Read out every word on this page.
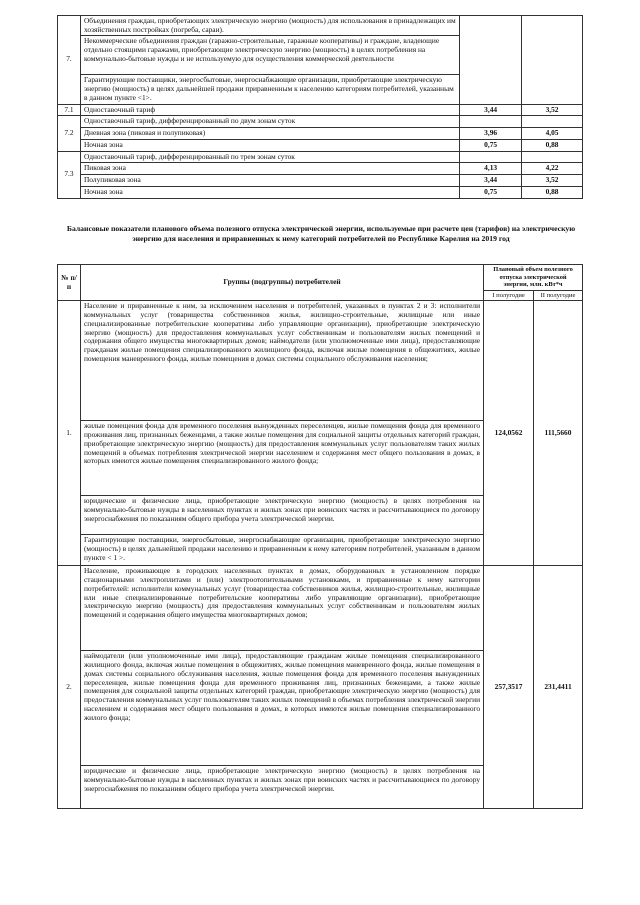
7.	Объединения граждан, приобретающих электрическую энергию (мощность) для использования в принадлежащих им хозяйственных постройках (погреба, сараи).		
	Некоммерческие объединения граждан (гаражно-строительные, гаражные кооперативы) и граждане, владеющие отдельно стоящими гаражами, приобретающие электрическую энергию (мощность) в целях потребления на коммунально-бытовые нужды и не используемую для осуществления коммерческой деятельности		
	Гарантирующие поставщики, энергосбытовые, энергоснабжающие организации, приобретающие электрическую энергию (мощность) в целях дальнейшей продажи приравненным к населению категориям потребителей, указанным в данном пункте <1>.		
7.1	Одноставочный тариф	3,44	3,52
7.2	Одноставочный тариф, дифференцированный по двум зонам суток		
	Дневная зона (пиковая и полупиковая)	3,96	4,05
	Ночная зона	0,75	0,88
7.3	Одноставочный тариф, дифференцированный по трем зонам суток		
	Пиковая зона	4,13	4,22
	Полупиковая зона	3,44	3,52
	Ночная зона	0,75	0,88
Балансовые показатели планового объема полезного отпуска электрической энергии, используемые при расчете цен (тарифов) на электрическую энергию для населения и приравненных к нему категорий потребителей по Республике Карелия на 2019 год
№ п/п	Группы (подгруппы) потребителей	Плановый объем полезного отпуска электрической энергии, млн. кВт*ч	
		I полугодие	II полугодие
1.	Население и приравненные к ним, за исключением населения и потребителей, указанных в пунктах 2 и 3: исполнители коммунальных услуг (товарищества собственников жилья, жилищно-строительные, жилищные или иные специализированные потребительские кооперативы либо управляющие организации), приобретающие электрическую энергию (мощность) для предоставления коммунальных услуг собственникам и пользователям жилых помещений и содержания общего имущества многоквартирных домов; наймодатели (или уполномоченные ими лица), предоставляющие гражданам жилые помещения специализированного жилищного фонда, включая жилые помещения в общежитиях, жилые помещения маневренного фонда, жилые помещения в домах системы социального обслуживания населения;	124,0562	111,5660
	жилые помещения фонда для временного поселения вынужденных переселенцев, жилые помещения фонда для временного проживания лиц, признанных беженцами, а также жилые помещения для социальной защиты отдельных категорий граждан, приобретающие электрическую энергию (мощность) для предоставления коммунальных услуг пользователям таких жилых помещений в объемах потребления электрической энергии населением и содержания мест общего пользования в домах, в которых имеются жилые помещения специализированного жилого фонда;		
	юридические и физические лица, приобретающие электрическую энергию (мощность) в целях потребления на коммунально-бытовые нужды в населенных пунктах и жилых зонах при воинских частях и рассчитывающиеся по договору энергоснабжения по показаниям общего прибора учета электрической энергии.		
	Гарантирующие поставщики, энергосбытовые, энергоснабжающие организации, приобретающие электрическую энергию (мощность) в целях дальнейшей продажи населению и приравненным к нему категориям потребителей, указанным в данном пункте < 1 >.		
2.	Население, проживающее в городских населенных пунктах в домах, оборудованных в установленном порядке стационарными электроплитами и (или) электроотопительными установками, и приравненные к нему категории потребителей: исполнители коммунальных услуг (товарищества собственников жилья, жилищно-строительные, жилищные или иные специализированные потребительские кооперативы либо управляющие организации), приобретающие электрическую энергию (мощность) для предоставления коммунальных услуг собственникам и пользователям жилых помещений и содержания общего имущества многоквартирных домов;	257,3517	231,4411
	наймодатели (или уполномоченные ими лица), предоставляющие гражданам жилые помещения специализированного жилищного фонда, включая жилые помещения в общежитиях, жилые помещения маневренного фонда, жилые помещения в домах системы социального обслуживания населения, жилые помещения фонда для временного поселения вынужденных переселенцев, жилые помещения фонда для временного проживания лиц, признанных беженцами, а также жилые помещения для социальной защиты отдельных категорий граждан, приобретающие электрическую энергию (мощность) для предоставления коммунальных услуг пользователям таких жилых помещений в объемах потребления электрической энергии населением и содержания мест общего пользования в домах, в которых имеются жилые помещения специализированного жилого фонда;		
	юридические и физические лица, приобретающие электрическую энергию (мощность) в целях потребления на коммунально-бытовые нужды в населенных пунктах и жилых зонах при воинских частях и рассчитывающиеся по договору энергоснабжения по показаниям общего прибора учета электрической энергии.		
